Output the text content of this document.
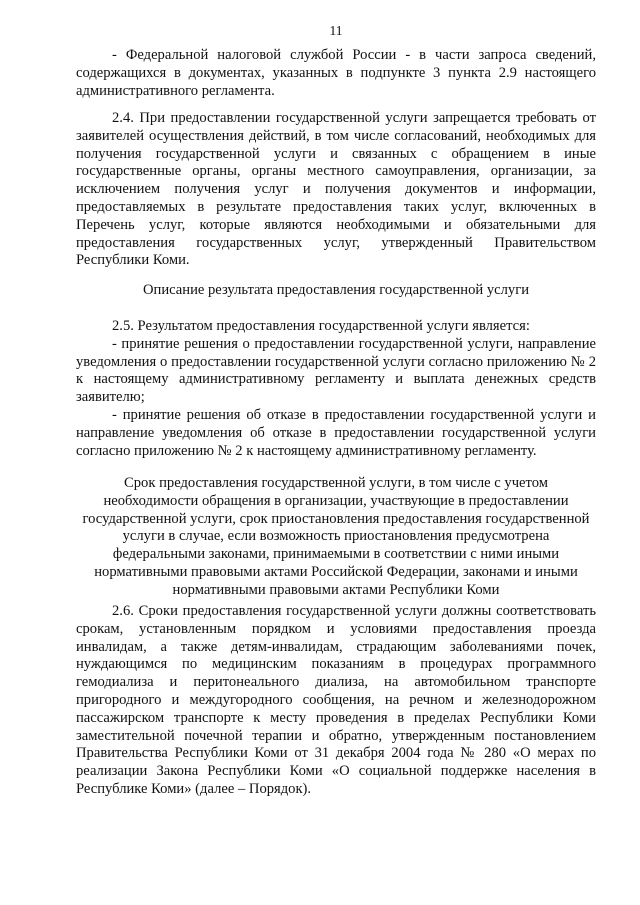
11

- Федеральной налоговой службой России - в части запроса сведений, содержащихся в документах, указанных в подпункте 3 пункта 2.9 настоящего административного регламента.

2.4. При предоставлении государственной услуги запрещается требовать от заявителей осуществления действий, в том числе согласований, необходимых для получения государственной услуги и связанных с обращением в иные государственные органы, органы местного самоуправления, организации, за исключением получения услуг и получения документов и информации, предоставляемых в результате предоставления таких услуг, включенных в Перечень услуг, которые являются необходимыми и обязательными для предоставления государственных услуг, утвержденный Правительством Республики Коми.

Описание результата предоставления государственной услуги

2.5. Результатом предоставления государственной услуги является:

- принятие решения о предоставлении государственной услуги, направление уведомления о предоставлении государственной услуги согласно приложению № 2 к настоящему административному регламенту и выплата денежных средств заявителю;

- принятие решения об отказе в предоставлении государственной услуги и направление уведомления об отказе в предоставлении государственной услуги согласно приложению № 2 к настоящему административному регламенту.

Срок предоставления государственной услуги, в том числе с учетом необходимости обращения в организации, участвующие в предоставлении государственной услуги, срок приостановления предоставления государственной услуги в случае, если возможность приостановления предусмотрена федеральными законами, принимаемыми в соответствии с ними иными нормативными правовыми актами Российской Федерации, законами и иными нормативными правовыми актами Республики Коми

2.6. Сроки предоставления государственной услуги должны соответствовать срокам, установленным порядком и условиями предоставления проезда инвалидам, а также детям-инвалидам, страдающим заболеваниями почек, нуждающимся по медицинским показаниям в процедурах программного гемодиализа и перитонеального диализа, на автомобильном транспорте пригородного и междугородного сообщения, на речном и железнодорожном пассажирском транспорте к месту проведения в пределах Республики Коми заместительной почечной терапии и обратно, утвержденным постановлением Правительства Республики Коми от 31 декабря 2004 года № 280 «О мерах по реализации Закона Республики Коми «О социальной поддержке населения в Республике Коми» (далее – Порядок).
